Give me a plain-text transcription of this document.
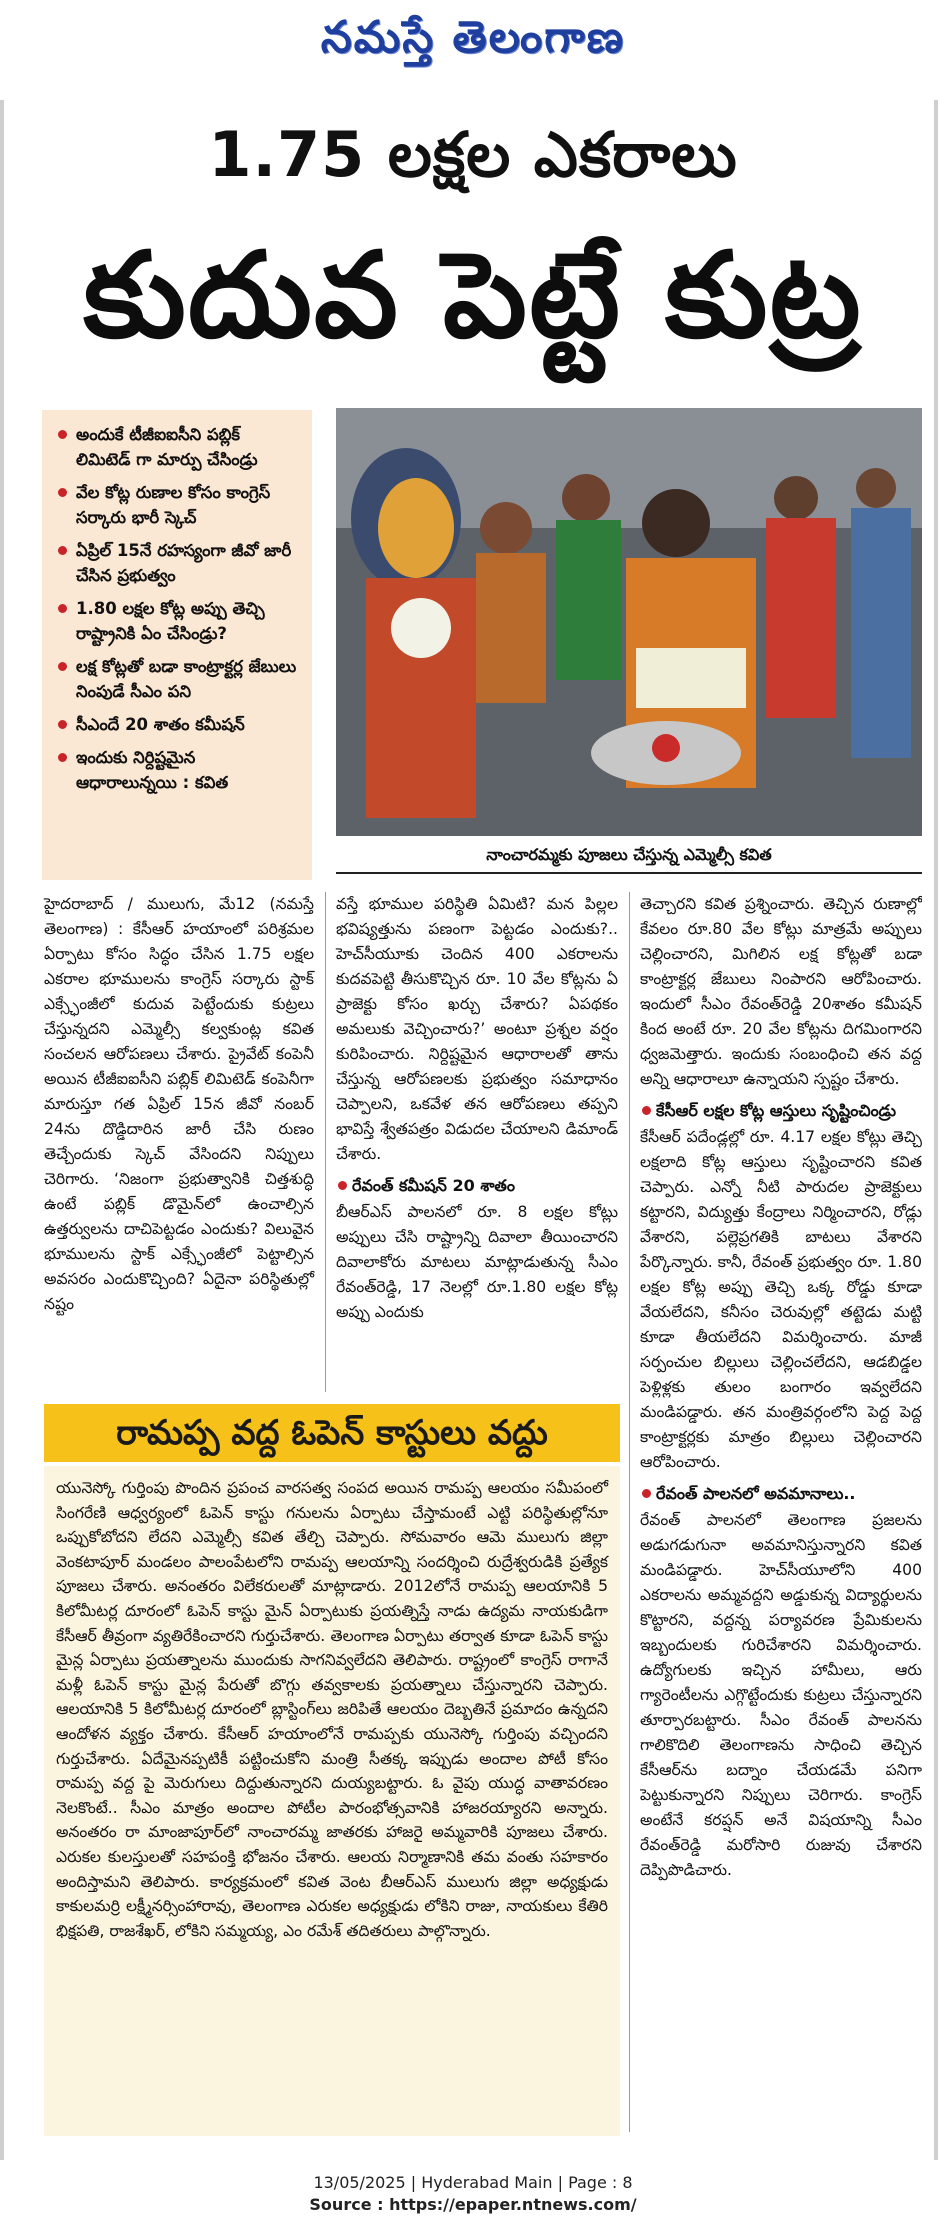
నమస్తే తెలంగాణ
1.75 లక్షల ఎకరాలు
కుదువ పెట్టే కుట్ర
అందుకే టీజీఐఐసీని పబ్లిక్ లిమిటెడ్ గా మార్పు చేసిండ్రు
వేల కోట్ల రుణాల కోసం కాంగ్రెస్ సర్కారు భారీ స్కెచ్
ఏప్రిల్ 15నే రహస్యంగా జీవో జారీ చేసిన ప్రభుత్వం
1.80 లక్షల కోట్ల అప్పు తెచ్చి రాష్ట్రానికి ఏం చేసిండ్రు?
లక్ష కోట్లతో బడా కాంట్రాక్టర్ల జేబులు నింపుడే సీఎం పని
సీఎందే 20 శాతం కమీషన్
ఇందుకు నిర్దిష్టమైన ఆధారాలున్నయి : కవిత
నాంచారమ్మకు పూజలు చేస్తున్న ఎమ్మెల్సీ కవిత

హైదరాబాద్ / ములుగు, మే12 (నమస్తే తెలంగాణ) : కేసీఆర్ హయాంలో పరిశ్రమల ఏర్పాటు కోసం సిద్ధం చేసిన 1.75 లక్షల ఎకరాల భూములను కాంగ్రెస్ సర్కారు స్టాక్ ఎక్స్ఛేంజీలో కుదువ పెట్టేందుకు కుట్రలు చేస్తున్నదని ఎమ్మెల్సీ కల్వకుంట్ల కవిత సంచలన ఆరోపణలు చేశారు. ప్రైవేట్ కంపెనీ అయిన టీజీఐఐసీని పబ్లిక్ లిమిటెడ్ కంపెనీగా మారుస్తూ గత ఏప్రిల్ 15న జీవో నంబర్ 24ను దొడ్డిదారిన జారీ చేసి రుణం తెచ్చేందుకు స్కెచ్ వేసిందని నిప్పులు చెరిగారు. ‘నిజంగా ప్రభుత్వానికి చిత్తశుద్ధి ఉంటే పబ్లిక్ డొమైన్‌లో ఉంచాల్సిన ఉత్తర్వులను దాచిపెట్టడం ఎందుకు? విలువైన భూములను స్టాక్ ఎక్స్ఛేంజీలో పెట్టాల్సిన అవసరం ఎందుకొచ్చింది? ఏదైనా పరిస్థితుల్లో నష్టం

వస్తే భూముల పరిస్థితి ఏమిటి? మన పిల్లల భవిష్యత్తును పణంగా పెట్టడం ఎందుకు?.. హెచ్‌సీయూకు చెందిన 400 ఎకరాలను కుదవపెట్టి తీసుకొచ్చిన రూ. 10 వేల కోట్లను ఏ ప్రాజెక్టు కోసం ఖర్చు చేశారు? ఏపథకం అమలుకు వెచ్చించారు?’ అంటూ ప్రశ్నల వర్షం కురిపించారు. నిర్దిష్టమైన ఆధారాలతో తాను చేస్తున్న ఆరోపణలకు ప్రభుత్వం సమాధానం చెప్పాలని, ఒకవేళ తన ఆరోపణలు తప్పని భావిస్తే శ్వేతపత్రం విడుదల చేయాలని డిమాండ్ చేశారు.

రేవంత్ కమీషన్ 20 శాతం

బీఆర్ఎస్ పాలనలో రూ. 8 లక్షల కోట్లు అప్పులు చేసి రాష్ట్రాన్ని దివాలా తీయించారని దివాలాకోరు మాటలు మాట్లాడుతున్న సీఎం రేవంత్‌రెడ్డి, 17 నెలల్లో రూ.1.80 లక్షల కోట్ల అప్పు ఎందుకు

తెచ్చారని కవిత ప్రశ్నించారు. తెచ్చిన రుణాల్లో కేవలం రూ.80 వేల కోట్లు మాత్రమే అప్పులు చెల్లించారని, మిగిలిన లక్ష కోట్లతో బడా కాంట్రాక్టర్ల జేబులు నింపారని ఆరోపించారు. ఇందులో సీఎం రేవంత్‌రెడ్డి 20శాతం కమీషన్ కింద అంటే రూ. 20 వేల కోట్లను దిగమింగారని ధ్వజమెత్తారు. ఇందుకు సంబంధించి తన వద్ద అన్ని ఆధారాలూ ఉన్నాయని స్పష్టం చేశారు.

కేసీఆర్ లక్షల కోట్ల ఆస్తులు సృష్టించిండ్రు

కేసీఆర్ పదేండ్లల్లో రూ. 4.17 లక్షల కోట్లు తెచ్చి లక్షలాది కోట్ల ఆస్తులు సృష్టించారని కవిత చెప్పారు. ఎన్నో నీటి పారుదల ప్రాజెక్టులు కట్టారని, విద్యుత్తు కేంద్రాలు నిర్మించారని, రోడ్లు వేశారని, పల్లెప్రగతికి బాటలు వేశారని పేర్కొన్నారు. కానీ, రేవంత్ ప్రభుత్వం రూ. 1.80 లక్షల కోట్ల అప్పు తెచ్చి ఒక్క రోడ్డు కూడా వేయలేదని, కనీసం చెరువుల్లో తట్టెడు మట్టి కూడా తీయలేదని విమర్శించారు. మాజీ సర్పంచుల బిల్లులు చెల్లించలేదని, ఆడబిడ్డల పెళ్లిళ్లకు తులం బంగారం ఇవ్వలేదని మండిపడ్డారు. తన మంత్రివర్గంలోని పెద్ద పెద్ద కాంట్రాక్టర్లకు మాత్రం బిల్లులు చెల్లించారని ఆరోపించారు.

రేవంత్ పాలనలో అవమానాలు..

రేవంత్ పాలనలో తెలంగాణ ప్రజలను అడుగడుగునా అవమానిస్తున్నారని కవిత మండిపడ్డారు. హెచ్‌సీయూలోని 400 ఎకరాలను అమ్మవద్దని అడ్డుకున్న విద్యార్థులను కొట్టారని, వద్దన్న పర్యావరణ ప్రేమికులను ఇబ్బందులకు గురిచేశారని విమర్శించారు. ఉద్యోగులకు ఇచ్చిన హామీలు, ఆరు గ్యారెంటీలను ఎగ్గొట్టేందుకు కుట్రలు చేస్తున్నారని తూర్పారబట్టారు. సీఎం రేవంత్ పాలనను గాలికొదిలి తెలంగాణను సాధించి తెచ్చిన కేసీఆర్‌ను బద్నాం చేయడమే పనిగా పెట్టుకున్నారని నిప్పులు చెరిగారు. కాంగ్రెస్ అంటేనే కరప్షన్ అనే విషయాన్ని సీఎం రేవంత్‌రెడ్డి మరోసారి రుజువు చేశారని దెప్పిపొడిచారు.

రామప్ప వద్ద ఓపెన్ కాస్టులు వద్దు
యునెస్కో గుర్తింపు పొందిన ప్రపంచ వారసత్వ సంపద అయిన రామప్ప ఆలయం సమీపంలో సింగరేణి ఆధ్వర్యంలో ఓపెన్ కాస్టు గనులను ఏర్పాటు చేస్తామంటే ఎట్టి పరిస్థితుల్లోనూ ఒప్పుకోబోదని లేదని ఎమ్మెల్సీ కవిత తేల్చి చెప్పారు. సోమవారం ఆమె ములుగు జిల్లా వెంకటాపూర్ మండలం పాలంపేటలోని రామప్ప ఆలయాన్ని సందర్శించి రుద్రేశ్వరుడికి ప్రత్యేక పూజలు చేశారు. అనంతరం విలేకరులతో మాట్లాడారు. 2012లోనే రామప్ప ఆలయానికి 5 కిలోమీటర్ల దూరంలో ఓపెన్ కాస్టు మైన్ ఏర్పాటుకు ప్రయత్నిస్తే నాడు ఉద్యమ నాయకుడిగా కేసీఆర్ తీవ్రంగా వ్యతిరేకించారని గుర్తుచేశారు. తెలంగాణ ఏర్పాటు తర్వాత కూడా ఓపెన్ కాస్టు మైన్ల ఏర్పాటు ప్రయత్నాలను ముందుకు సాగనివ్వలేదని తెలిపారు. రాష్ట్రంలో కాంగ్రెస్ రాగానే మళ్లీ ఓపెన్ కాస్టు మైన్ల పేరుతో బొగ్గు తవ్వకాలకు ప్రయత్నాలు చేస్తున్నారని చెప్పారు. ఆలయానికి 5 కిలోమీటర్ల దూరంలో బ్లాస్టింగ్‌లు జరిపితే ఆలయం దెబ్బతినే ప్రమాదం ఉన్నదని ఆందోళన వ్యక్తం చేశారు. కేసీఆర్ హయాంలోనే రామప్పకు యునెస్కో గుర్తింపు వచ్చిందని గుర్తుచేశారు. ఏదేమైనప్పటికీ పట్టించుకోని మంత్రి సీతక్క ఇప్పుడు అందాల పోటీ కోసం రామప్ప వద్ద పై మెరుగులు దిద్దుతున్నారని దుయ్యబట్టారు. ఓ వైపు యుద్ధ వాతావరణం నెలకొంటే.. సీఎం మాత్రం అందాల పోటీల పారంభోత్సవానికి హాజరయ్యారని అన్నారు. అనంతరం రా మాంజాపూర్‌లో నాంచారమ్మ జాతరకు హాజరై అమ్మవారికి పూజలు చేశారు. ఎరుకల కులస్తులతో సహపంక్తి భోజనం చేశారు. ఆలయ నిర్మాణానికి తమ వంతు సహకారం అందిస్తామని తెలిపారు. కార్యక్రమంలో కవిత వెంట బీఆర్ఎస్ ములుగు జిల్లా అధ్యక్షుడు కాకులమర్రి లక్ష్మీనర్సింహారావు, తెలంగాణ ఎరుకల అధ్యక్షుడు లోకిని రాజు, నాయకులు కేతిరి భిక్షపతి, రాజశేఖర్, లోకిని సమ్మయ్య, ఎం రమేశ్ తదితరులు పాల్గొన్నారు.
13/05/2025 | Hyderabad Main | Page : 8
Source : https://epaper.ntnews.com/
